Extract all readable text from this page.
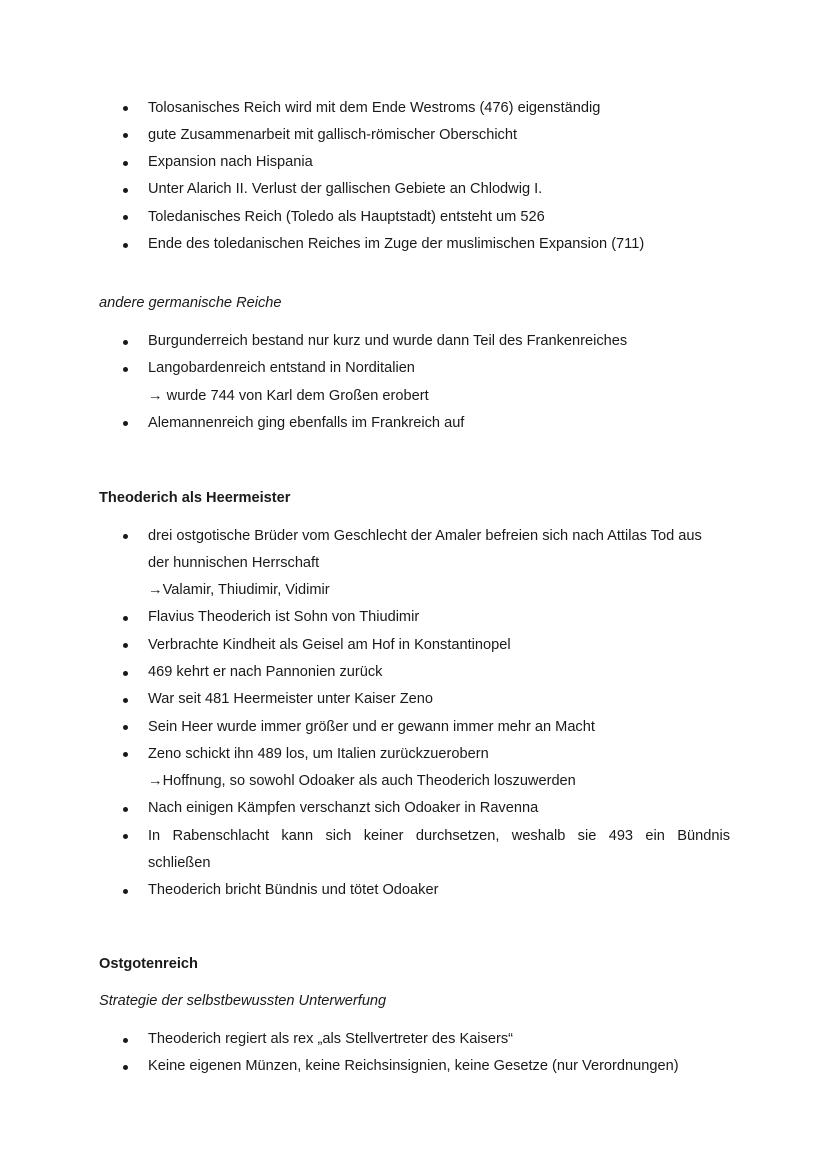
Tolosanisches Reich wird mit dem Ende Westroms (476) eigenständig
gute Zusammenarbeit mit gallisch-römischer Oberschicht
Expansion nach Hispania
Unter Alarich II. Verlust der gallischen Gebiete an Chlodwig I.
Toledanisches Reich (Toledo als Hauptstadt) entsteht um 526
Ende des toledanischen Reiches im Zuge der muslimischen Expansion (711)
andere germanische Reiche
Burgunderreich bestand nur kurz und wurde dann Teil des Frankenreiches
Langobardenreich entstand in Norditalien
→ wurde 744 von Karl dem Großen erobert
Alemannenreich ging ebenfalls im Frankreich auf
Theoderich als Heermeister
drei ostgotische Brüder vom Geschlecht der Amaler befreien sich nach Attilas Tod aus
der hunnischen Herrschaft
→Valamir, Thiudimir, Vidimir
Flavius Theoderich ist Sohn von Thiudimir
Verbrachte Kindheit als Geisel am Hof in Konstantinopel
469 kehrt er nach Pannonien zurück
War seit 481 Heermeister unter Kaiser Zeno
Sein Heer wurde immer größer und er gewann immer mehr an Macht
Zeno schickt ihn 489 los, um Italien zurückzuerobern
→Hoffnung, so sowohl Odoaker als auch Theoderich loszuwerden
Nach einigen Kämpfen verschanzt sich Odoaker in Ravenna
In Rabenschlacht kann sich keiner durchsetzen, weshalb sie 493 ein Bündnis
schließen
Theoderich bricht Bündnis und tötet Odoaker
Ostgotenreich
Strategie der selbstbewussten Unterwerfung
Theoderich regiert als rex „als Stellvertreter des Kaisers“
Keine eigenen Münzen, keine Reichsinsignien, keine Gesetze (nur Verordnungen)
